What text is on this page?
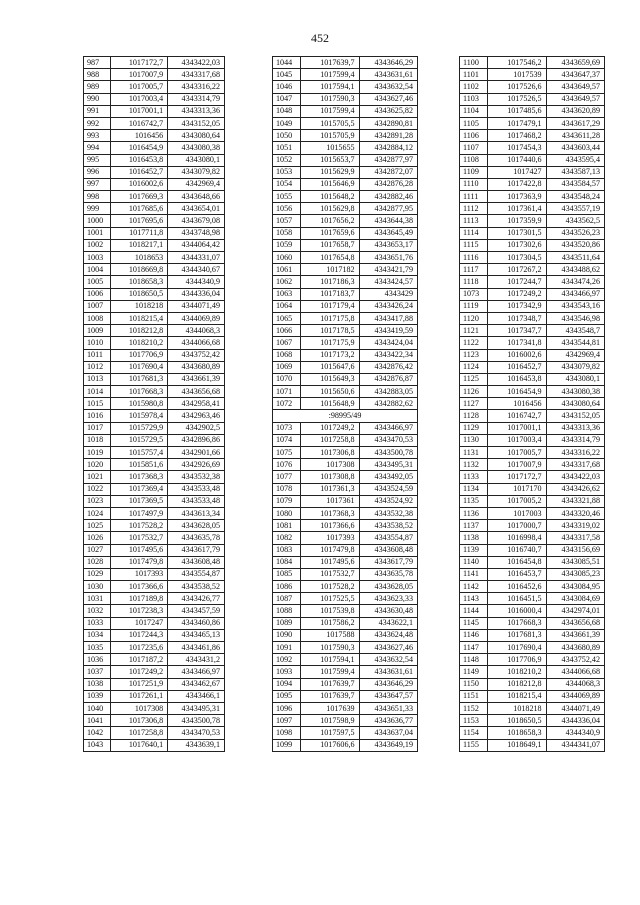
452
987	1017172,7	4343422,03
988	1017007,9	4343317,68
989	1017005,7	4343316,22
990	1017003,4	4343314,79
991	1017001,1	4343313,36
992	1016742,7	4343152,05
993	1016456	4343080,64
994	1016454,9	4343080,38
995	1016453,8	4343080,1
996	1016452,7	4343079,82
997	1016002,6	4342969,4
998	1017669,3	4343648,66
999	1017685,6	4343654,01
1000	1017695,6	4343679,08
1001	1017711,8	4343748,98
1002	1018217,1	4344064,42
1003	1018653	4344331,07
1004	1018669,8	4344340,67
1005	1018658,3	4344340,9
1006	1018650,5	4344336,04
1007	1018218	4344071,49
1008	1018215,4	4344069,89
1009	1018212,8	4344068,3
1010	1018210,2	4344066,68
1011	1017706,9	4343752,42
1012	1017690,4	4343680,89
1013	1017681,3	4343661,39
1014	1017668,3	4343656,68
1015	1015980,8	4342958,41
1016	1015978,4	4342963,46
1017	1015729,9	4342902,5
1018	1015729,5	4342896,86
1019	1015757,4	4342901,66
1020	1015851,6	4342926,69
1021	1017368,3	4343532,38
1022	1017369,4	4343533,48
1023	1017369,5	4343533,48
1024	1017497,9	4343613,34
1025	1017528,2	4343628,05
1026	1017532,7	4343635,78
1027	1017495,6	4343617,79
1028	1017479,8	4343608,48
1029	1017393	4343554,87
1030	1017366,6	4343538,52
1031	1017189,8	4343426,77
1032	1017238,3	4343457,59
1033	1017247	4343460,86
1034	1017244,3	4343465,13
1035	1017235,6	4343461,86
1036	1017187,2	4343431,2
1037	1017249,2	4343466,97
1038	1017251,9	4343462,67
1039	1017261,1	4343466,1
1040	1017308	4343495,31
1041	1017306,8	4343500,78
1042	1017258,8	4343470,53
1043	1017640,1	4343639,1
1044	1017639,7	4343646,29
1045	1017599,4	4343631,61
1046	1017594,1	4343632,54
1047	1017590,3	4343627,46
1048	1017599,4	4343625,82
1049	1015705,5	4342890,81
1050	1015705,9	4342891,28
1051	1015655	4342884,12
1052	1015653,7	4342877,97
1053	1015629,9	4342872,07
1054	1015646,9	4342876,28
1055	1015648,2	4342882,46
1056	1015629,8	4342877,95
1057	1017656,2	4343644,38
1058	1017659,6	4343645,49
1059	1017658,7	4343653,17
1060	1017654,8	4343651,76
1061	1017182	4343421,79
1062	1017186,3	4343424,57
1063	1017183,7	4343429
1064	1017179,4	4343426,24
1065	1017175,8	4343417,88
1066	1017178,5	4343419,59
1067	1017175,9	4343424,04
1068	1017173,2	4343422,34
1069	1015647,6	4342876,42
1070	1015649,3	4342876,87
1071	1015650,6	4342883,05
1072	1015648,9	4342882,62
:98995/49		
1073	1017249,2	4343466,97
1074	1017258,8	4343470,53
1075	1017306,8	4343500,78
1076	1017308	4343495,31
1077	1017308,8	4343492,05
1078	1017361,3	4343524,59
1079	1017361	4343524,92
1080	1017368,3	4343532,38
1081	1017366,6	4343538,52
1082	1017393	4343554,87
1083	1017479,8	4343608,48
1084	1017495,6	4343617,79
1085	1017532,7	4343635,78
1086	1017528,2	4343628,05
1087	1017525,5	4343623,33
1088	1017539,8	4343630,48
1089	1017586,2	4343622,1
1090	1017588	4343624,48
1091	1017590,3	4343627,46
1092	1017594,1	4343632,54
1093	1017599,4	4343631,61
1094	1017639,7	4343646,29
1095	1017639,7	4343647,57
1096	1017639	4343651,33
1097	1017598,9	4343636,77
1098	1017597,5	4343637,04
1099	1017606,6	4343649,19
1100	1017546,2	4343659,69
1101	1017539	4343647,37
1102	1017526,6	4343649,57
1103	1017526,5	4343649,57
1104	1017485,6	4343620,89
1105	1017479,1	4343617,29
1106	1017468,2	4343611,28
1107	1017454,3	4343603,44
1108	1017440,6	4343595,4
1109	1017427	4343587,13
1110	1017422,8	4343584,57
1111	1017363,9	4343548,24
1112	1017361,4	4343557,19
1113	1017359,9	4343562,5
1114	1017301,5	4343526,23
1115	1017302,6	4343520,86
1116	1017304,5	4343511,64
1117	1017267,2	4343488,62
1118	1017244,7	4343474,26
1073	1017249,2	4343466,97
1119	1017342,9	4343543,16
1120	1017348,7	4343546,98
1121	1017347,7	4343548,7
1122	1017341,8	4343544,81
1123	1016002,6	4342969,4
1124	1016452,7	4343079,82
1125	1016453,8	4343080,1
1126	1016454,9	4343080,38
1127	1016456	4343080,64
1128	1016742,7	4343152,05
1129	1017001,1	4343313,36
1130	1017003,4	4343314,79
1131	1017005,7	4343316,22
1132	1017007,9	4343317,68
1133	1017172,7	4343422,03
1134	1017170	4343426,62
1135	1017005,2	4343321,88
1136	1017003	4343320,46
1137	1017000,7	4343319,02
1138	1016998,4	4343317,58
1139	1016740,7	4343156,69
1140	1016454,8	4343085,51
1141	1016453,7	4343085,23
1142	1016452,6	4343084,95
1143	1016451,5	4343084,69
1144	1016000,4	4342974,01
1145	1017668,3	4343656,68
1146	1017681,3	4343661,39
1147	1017690,4	4343680,89
1148	1017706,9	4343752,42
1149	1018210,2	4344066,68
1150	1018212,8	4344068,3
1151	1018215,4	4344069,89
1152	1018218	4344071,49
1153	1018650,5	4344336,04
1154	1018658,3	4344340,9
1155	1018649,1	4344341,07
